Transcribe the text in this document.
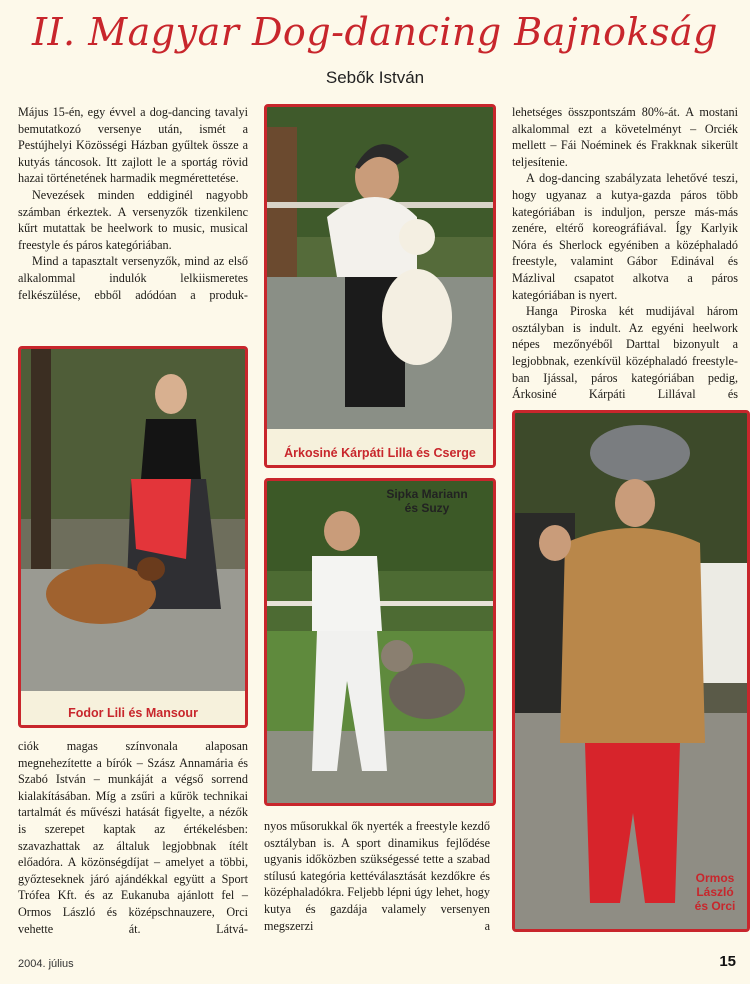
II. Magyar Dog-dancing Bajnokság
Sebők István

Május 15-én, egy évvel a dog-dancing tavalyi bemutatkozó versenye után, ismét a Pestújhelyi Közösségi Házban gyűltek össze a kutyás táncosok. Itt zajlott le a sportág rövid hazai történetének harmadik megmérettetése.

Nevezések minden eddiginél nagyobb számban érkeztek. A versenyzők tizenkilenc kűrt mutattak be heelwork to music, musical freestyle és páros kategóriában.

Mind a tapasztalt versenyzők, mind az első alkalommal indulók lelkiismeretes felkészülése, ebből adódóan a produk-

Árkosiné Kárpáti Lilla és Cserge

lehetséges összpontszám 80%-át. A mostani alkalommal ezt a követelményt – Orciék mellett – Fái Noéminek és Frakknak sikerült teljesítenie.

A dog-dancing szabályzata lehetővé teszi, hogy ugyanaz a kutya-gazda páros több kategóriában is induljon, persze más-más zenére, eltérő koreográfiával. Így Karlyik Nóra és Sherlock egyéniben a középhaladó freestyle, valamint Gábor Edinával és Mázlival csapatot alkotva a páros kategóriában is nyert.

Hanga Piroska két mudijával három osztályban is indult. Az egyéni heelwork népes mezőnyéből Darttal bizonyult a legjobbnak, ezenkívül középhaladó freestyle-ban Ijással, páros kategóriában pedig, Árkosiné Kárpáti Lillával és

Fodor Lili és Mansour
Sipka Mariann
és Suzy

ciók magas színvonala alaposan megnehezítette a bírók – Szász Annamária és Szabó István – munkáját a végső sorrend kialakításában. Míg a zsűri a kűrök technikai tartalmát és művészi hatását figyelte, a nézők is szerepet kaptak az értékelésben: szavazhattak az általuk legjobbnak ítélt előadóra. A közönségdíjat – amelyet a többi, győzteseknek járó ajándékkal együtt a Sport Trófea Kft. és az Eukanuba ajánlott fel – Ormos László és középschnauzere, Orci vehette át. Látvá-

nyos műsorukkal ők nyerték a freestyle kezdő osztályban is. A sport dinamikus fejlődése ugyanis időközben szükségessé tette a szabad stílusú kategória kettéválasztását kezdőkre és középhaladókra. Feljebb lépni úgy lehet, hogy kutya és gazdája valamely versenyen megszerzi a

Ormos
László
és Orci
2004. július	15
